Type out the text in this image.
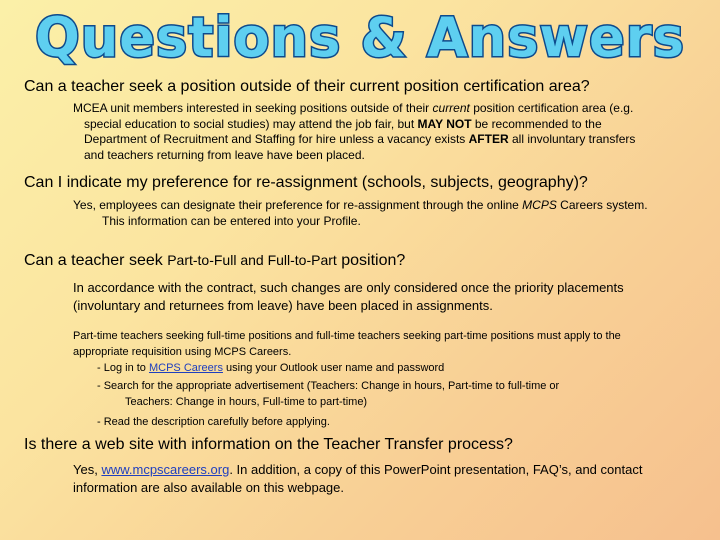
Questions & Answers
Can a teacher seek a position outside of their current position certification area?
MCEA unit members interested in seeking positions outside of their current position certification area (e.g.
special education to social studies) may attend the job fair, but MAY NOT be recommended to the
Department of Recruitment and Staffing for hire unless a vacancy exists AFTER all involuntary transfers
and teachers returning from leave have been placed.
Can I indicate my preference for re-assignment (schools, subjects, geography)?
Yes, employees can designate their preference for re-assignment through the online MCPS Careers system.
This information can be entered into your Profile.
Can a teacher seek Part-to-Full and Full-to-Part position?
In accordance with the contract, such changes are only considered once the priority placements
(involuntary and returnees from leave) have been placed in assignments.
Part-time teachers seeking full-time positions and full-time teachers seeking part-time positions must apply to the
appropriate requisition using MCPS Careers.
- Log in to MCPS Careers using your Outlook user name and password
- Search for the appropriate advertisement (Teachers: Change in hours, Part-time to full-time or
Teachers: Change in hours, Full-time to part-time)
- Read the description carefully before applying.
Is there a web site with information on the Teacher Transfer process?
Yes, www.mcpscareers.org. In addition, a copy of this PowerPoint presentation, FAQ’s, and contact
information are also available on this webpage.
